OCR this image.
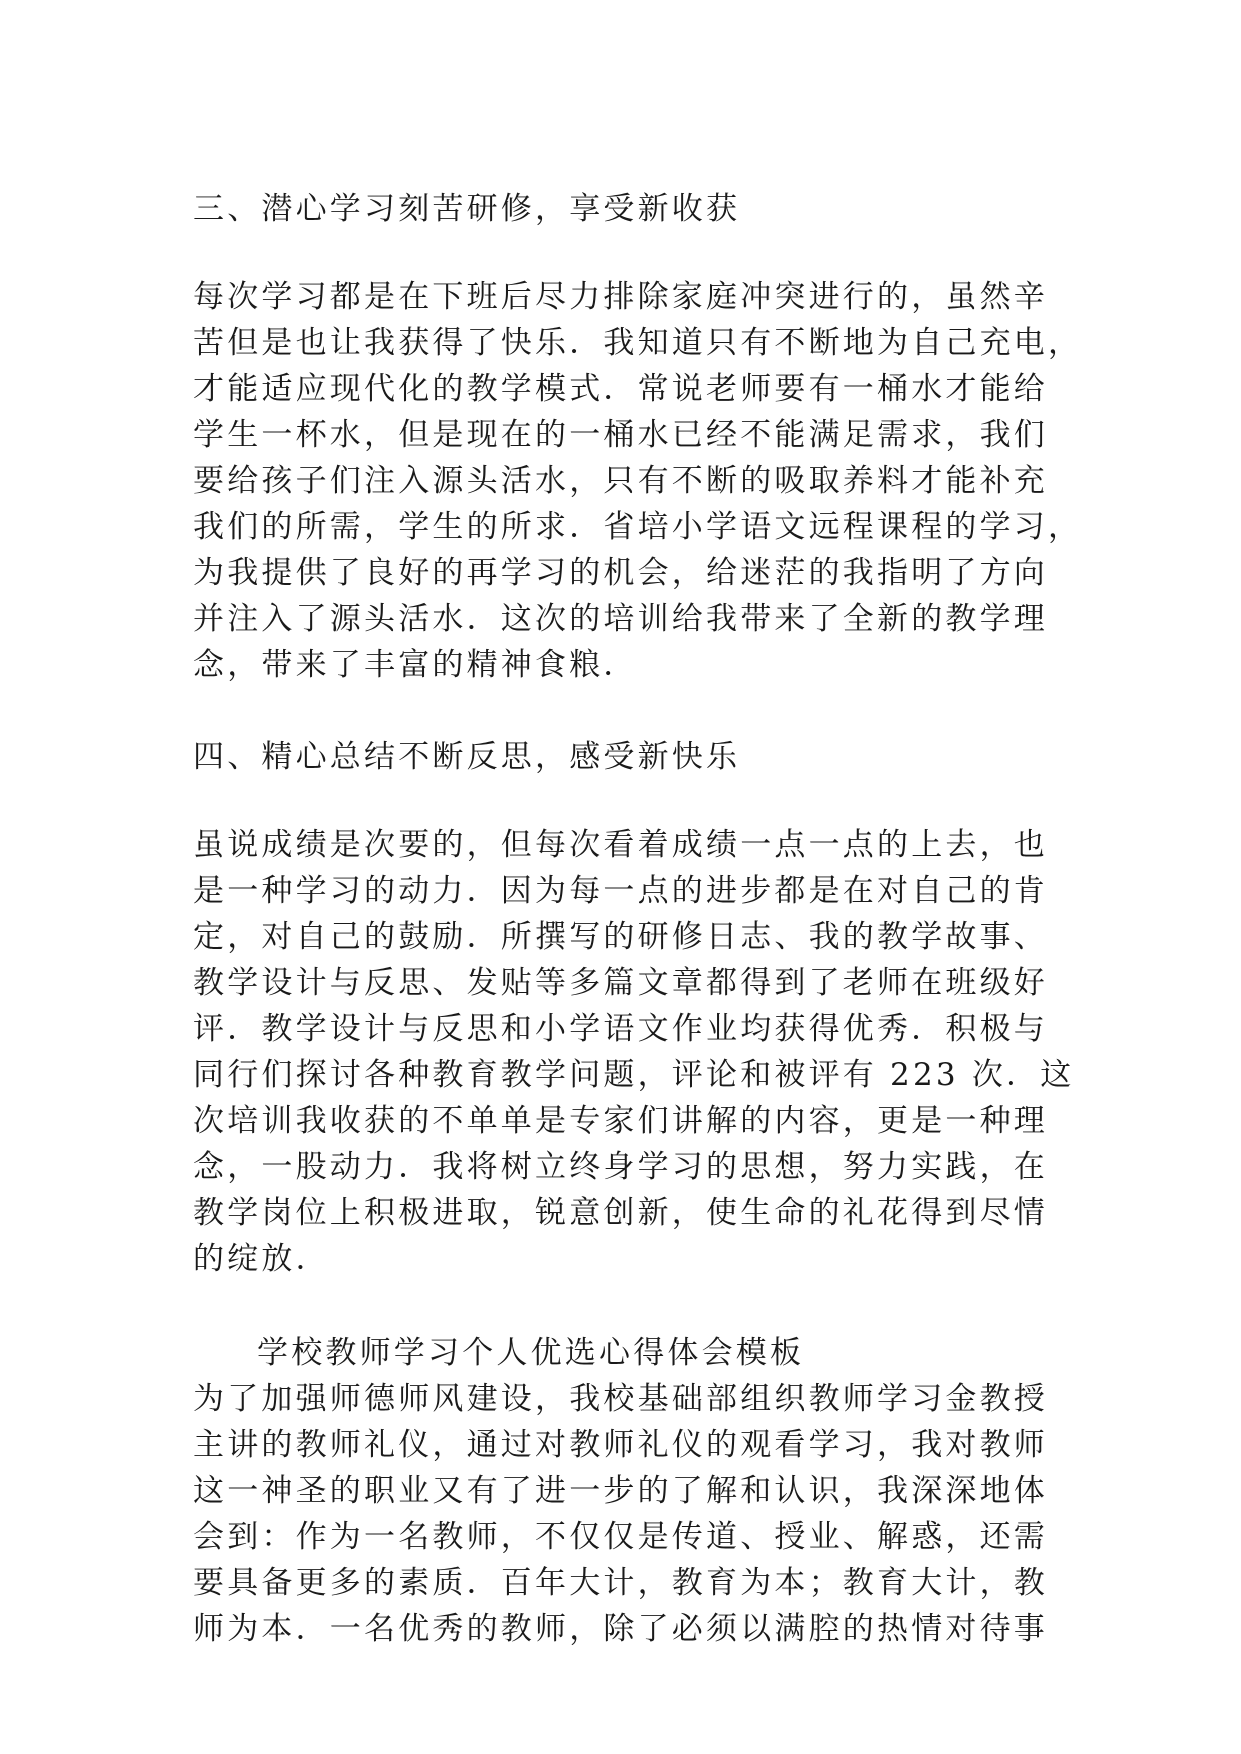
三、潜心学习刻苦研修，享受新收获

每次学习都是在下班后尽力排除家庭冲突进行的，虽然辛

苦但是也让我获得了快乐．我知道只有不断地为自己充电，

才能适应现代化的教学模式．常说老师要有一桶水才能给

学生一杯水，但是现在的一桶水已经不能满足需求，我们

要给孩子们注入源头活水，只有不断的吸取养料才能补充

我们的所需，学生的所求．省培小学语文远程课程的学习，

为我提供了良好的再学习的机会，给迷茫的我指明了方向

并注入了源头活水．这次的培训给我带来了全新的教学理

念，带来了丰富的精神食粮．

四、精心总结不断反思，感受新快乐

虽说成绩是次要的，但每次看着成绩一点一点的上去，也

是一种学习的动力．因为每一点的进步都是在对自己的肯

定，对自己的鼓励．所撰写的研修日志、我的教学故事、

教学设计与反思、发贴等多篇文章都得到了老师在班级好

评．教学设计与反思和小学语文作业均获得优秀．积极与

同行们探讨各种教育教学问题，评论和被评有 223 次．这

次培训我收获的不单单是专家们讲解的内容，更是一种理

念，一股动力．我将树立终身学习的思想，努力实践，在

教学岗位上积极进取，锐意创新，使生命的礼花得到尽情

的绽放．

学校教师学习个人优选心得体会模板

为了加强师德师风建设，我校基础部组织教师学习金教授

主讲的教师礼仪，通过对教师礼仪的观看学习，我对教师

这一神圣的职业又有了进一步的了解和认识，我深深地体

会到：作为一名教师，不仅仅是传道、授业、解惑，还需

要具备更多的素质．百年大计，教育为本；教育大计，教

师为本．一名优秀的教师，除了必须以满腔的热情对待事
